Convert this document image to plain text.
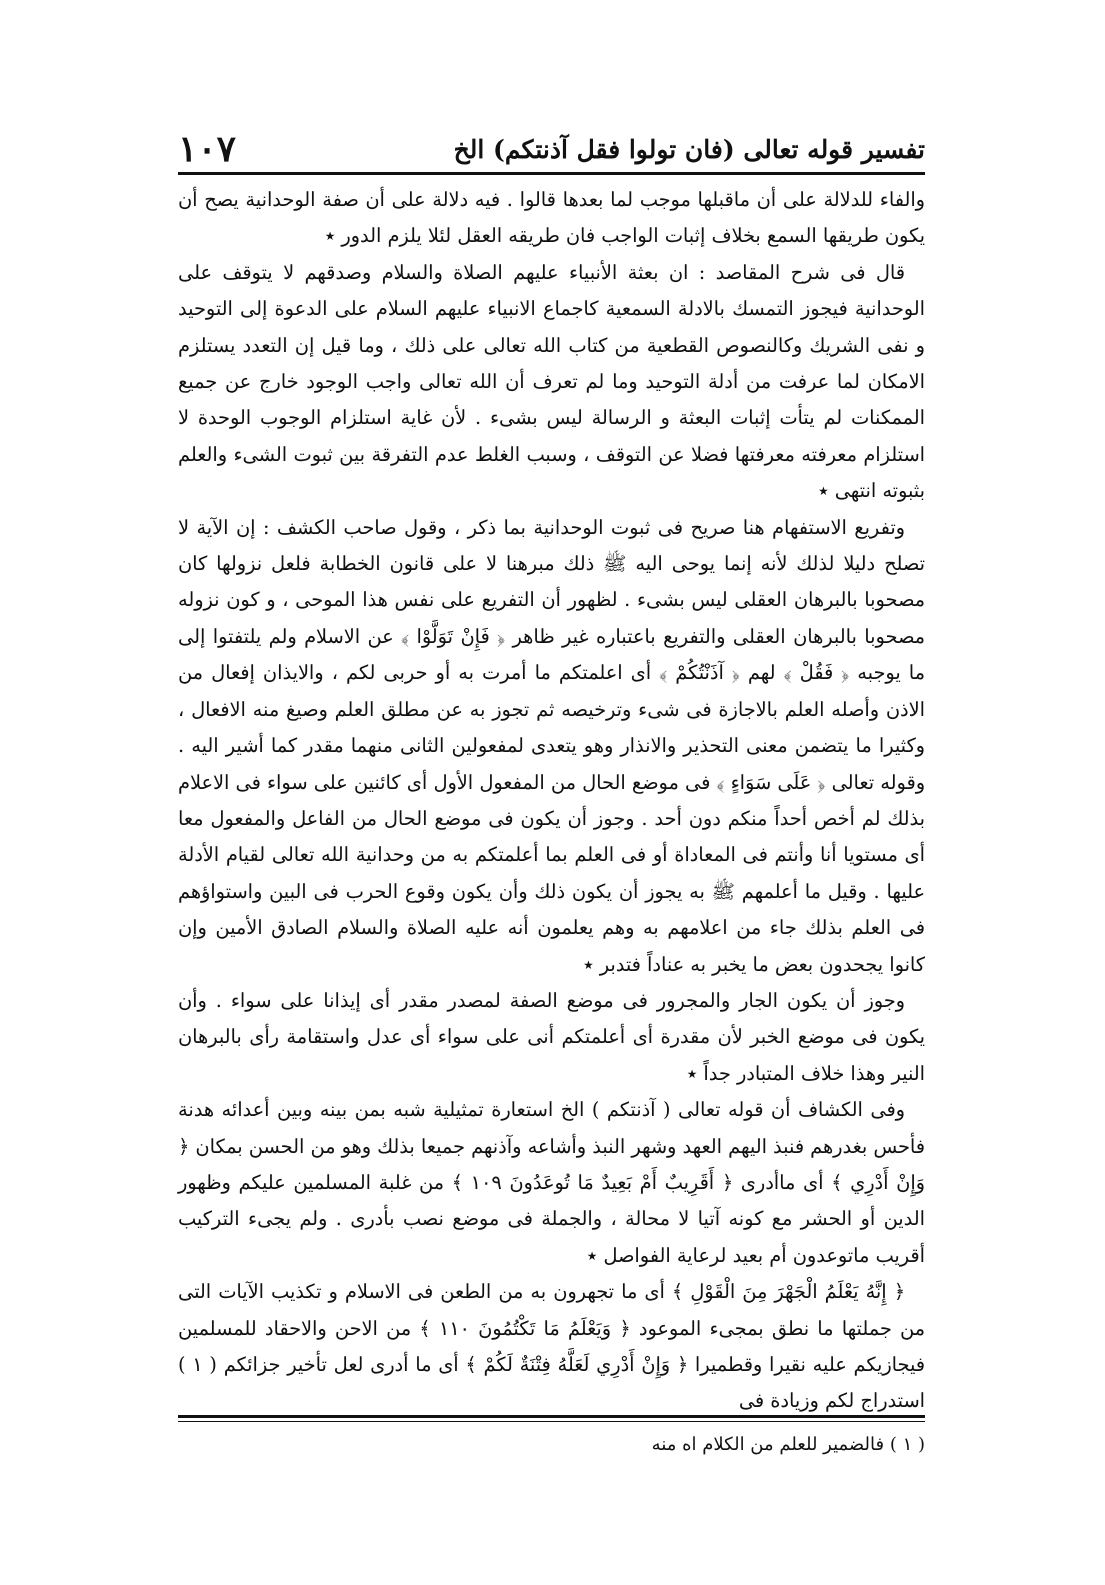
تفسير قوله تعالى (فان تولوا فقل آذنتكم) الخ
١٠٧

والفاء للدلالة على أن ماقبلها موجب لما بعدها قالوا . فيه دلالة على أن صفة الوحدانية يصح أن يكون طريقها السمع بخلاف إثبات الواجب فان طريقه العقل لئلا يلزم الدور ٭

قال فى شرح المقاصد : ان بعثة الأنبياء عليهم الصلاة والسلام وصدقهم لا يتوقف على الوحدانية فيجوز التمسك بالادلة السمعية كاجماع الانبياء عليهم السلام على الدعوة إلى التوحيد و نفى الشريك وكالنصوص القطعية من كتاب الله تعالى على ذلك ، وما قيل إن التعدد يستلزم الامكان لما عرفت من أدلة التوحيد وما لم تعرف أن الله تعالى واجب الوجود خارج عن جميع الممكنات لم يتأت إثبات البعثة و الرسالة ليس بشىء . لأن غاية استلزام الوجوب الوحدة لا استلزام معرفته معرفتها فضلا عن التوقف ، وسبب الغلط عدم التفرقة بين ثبوت الشىء والعلم بثبوته انتهى ٭

وتفريع الاستفهام هنا صريح فى ثبوت الوحدانية بما ذكر ، وقول صاحب الكشف : إن الآية لا تصلح دليلا لذلك لأنه إنما يوحى اليه ﷺ ذلك مبرهنا لا على قانون الخطابة فلعل نزولها كان مصحوبا بالبرهان العقلى ليس بشىء . لظهور أن التفريع على نفس هذا الموحى ، و كون نزوله مصحوبا بالبرهان العقلى والتفريع باعتباره غير ظاهر ﴿ فَإِنْ تَوَلَّوْا ﴾ عن الاسلام ولم يلتفتوا إلى ما يوجبه ﴿ فَقُلْ ﴾ لهم ﴿ آذَنْتُكُمْ ﴾ أى اعلمتكم ما أمرت به أو حربى لكم ، والايذان إفعال من الاذن وأصله العلم بالاجازة فى شىء وترخيصه ثم تجوز به عن مطلق العلم وصيغ منه الافعال ، وكثيرا ما يتضمن معنى التحذير والانذار وهو يتعدى لمفعولين الثانى منهما مقدر كما أشير اليه . وقوله تعالى ﴿ عَلَى سَوَاءٍ ﴾ فى موضع الحال من المفعول الأول أى كائنين على سواء فى الاعلام بذلك لم أخص أحداً منكم دون أحد . وجوز أن يكون فى موضع الحال من الفاعل والمفعول معا أى مستويا أنا وأنتم فى المعاداة أو فى العلم بما أعلمتكم به من وحدانية الله تعالى لقيام الأدلة عليها . وقيل ما أعلمهم ﷺ به يجوز أن يكون ذلك وأن يكون وقوع الحرب فى البين واستواؤهم فى العلم بذلك جاء من اعلامهم به وهم يعلمون أنه عليه الصلاة والسلام الصادق الأمين وإن كانوا يجحدون بعض ما يخبر به عناداً فتدبر ٭

وجوز أن يكون الجار والمجرور فى موضع الصفة لمصدر مقدر أى إيذانا على سواء . وأن يكون فى موضع الخبر لأن مقدرة أى أعلمتكم أنى على سواء أى عدل واستقامة رأى بالبرهان النير وهذا خلاف المتبادر جداً ٭

وفى الكشاف أن قوله تعالى ( آذنتكم ) الخ استعارة تمثيلية شبه بمن بينه وبين أعدائه هدنة فأحس بغدرهم فنبذ اليهم العهد وشهر النبذ وأشاعه وآذنهم جميعا بذلك وهو من الحسن بمكان ﴿ وَإِنْ أَدْرِي ﴾ أى ماأدرى ﴿ أَقَرِيبٌ أَمْ بَعِيدٌ مَا تُوعَدُونَ ١٠٩ ﴾ من غلبة المسلمين عليكم وظهور الدين أو الحشر مع كونه آتيا لا محالة ، والجملة فى موضع نصب بأدرى . ولم يجىء التركيب أقريب ماتوعدون أم بعيد لرعاية الفواصل ٭

﴿ إِنَّهُ يَعْلَمُ الْجَهْرَ مِنَ الْقَوْلِ ﴾ أى ما تجهرون به من الطعن فى الاسلام و تكذيب الآيات التى من جملتها ما نطق بمجىء الموعود ﴿ وَيَعْلَمُ مَا تَكْتُمُونَ ١١٠ ﴾ من الاحن والاحقاد للمسلمين فيجازيكم عليه نقيرا وقطميرا ﴿ وَإِنْ أَدْرِي لَعَلَّهُ فِتْنَةٌ لَكُمْ ﴾ أى ما أدرى لعل تأخير جزائكم ( ١ ) استدراج لكم وزيادة فى

( ١ ) فالضمير للعلم من الكلام اه منه
